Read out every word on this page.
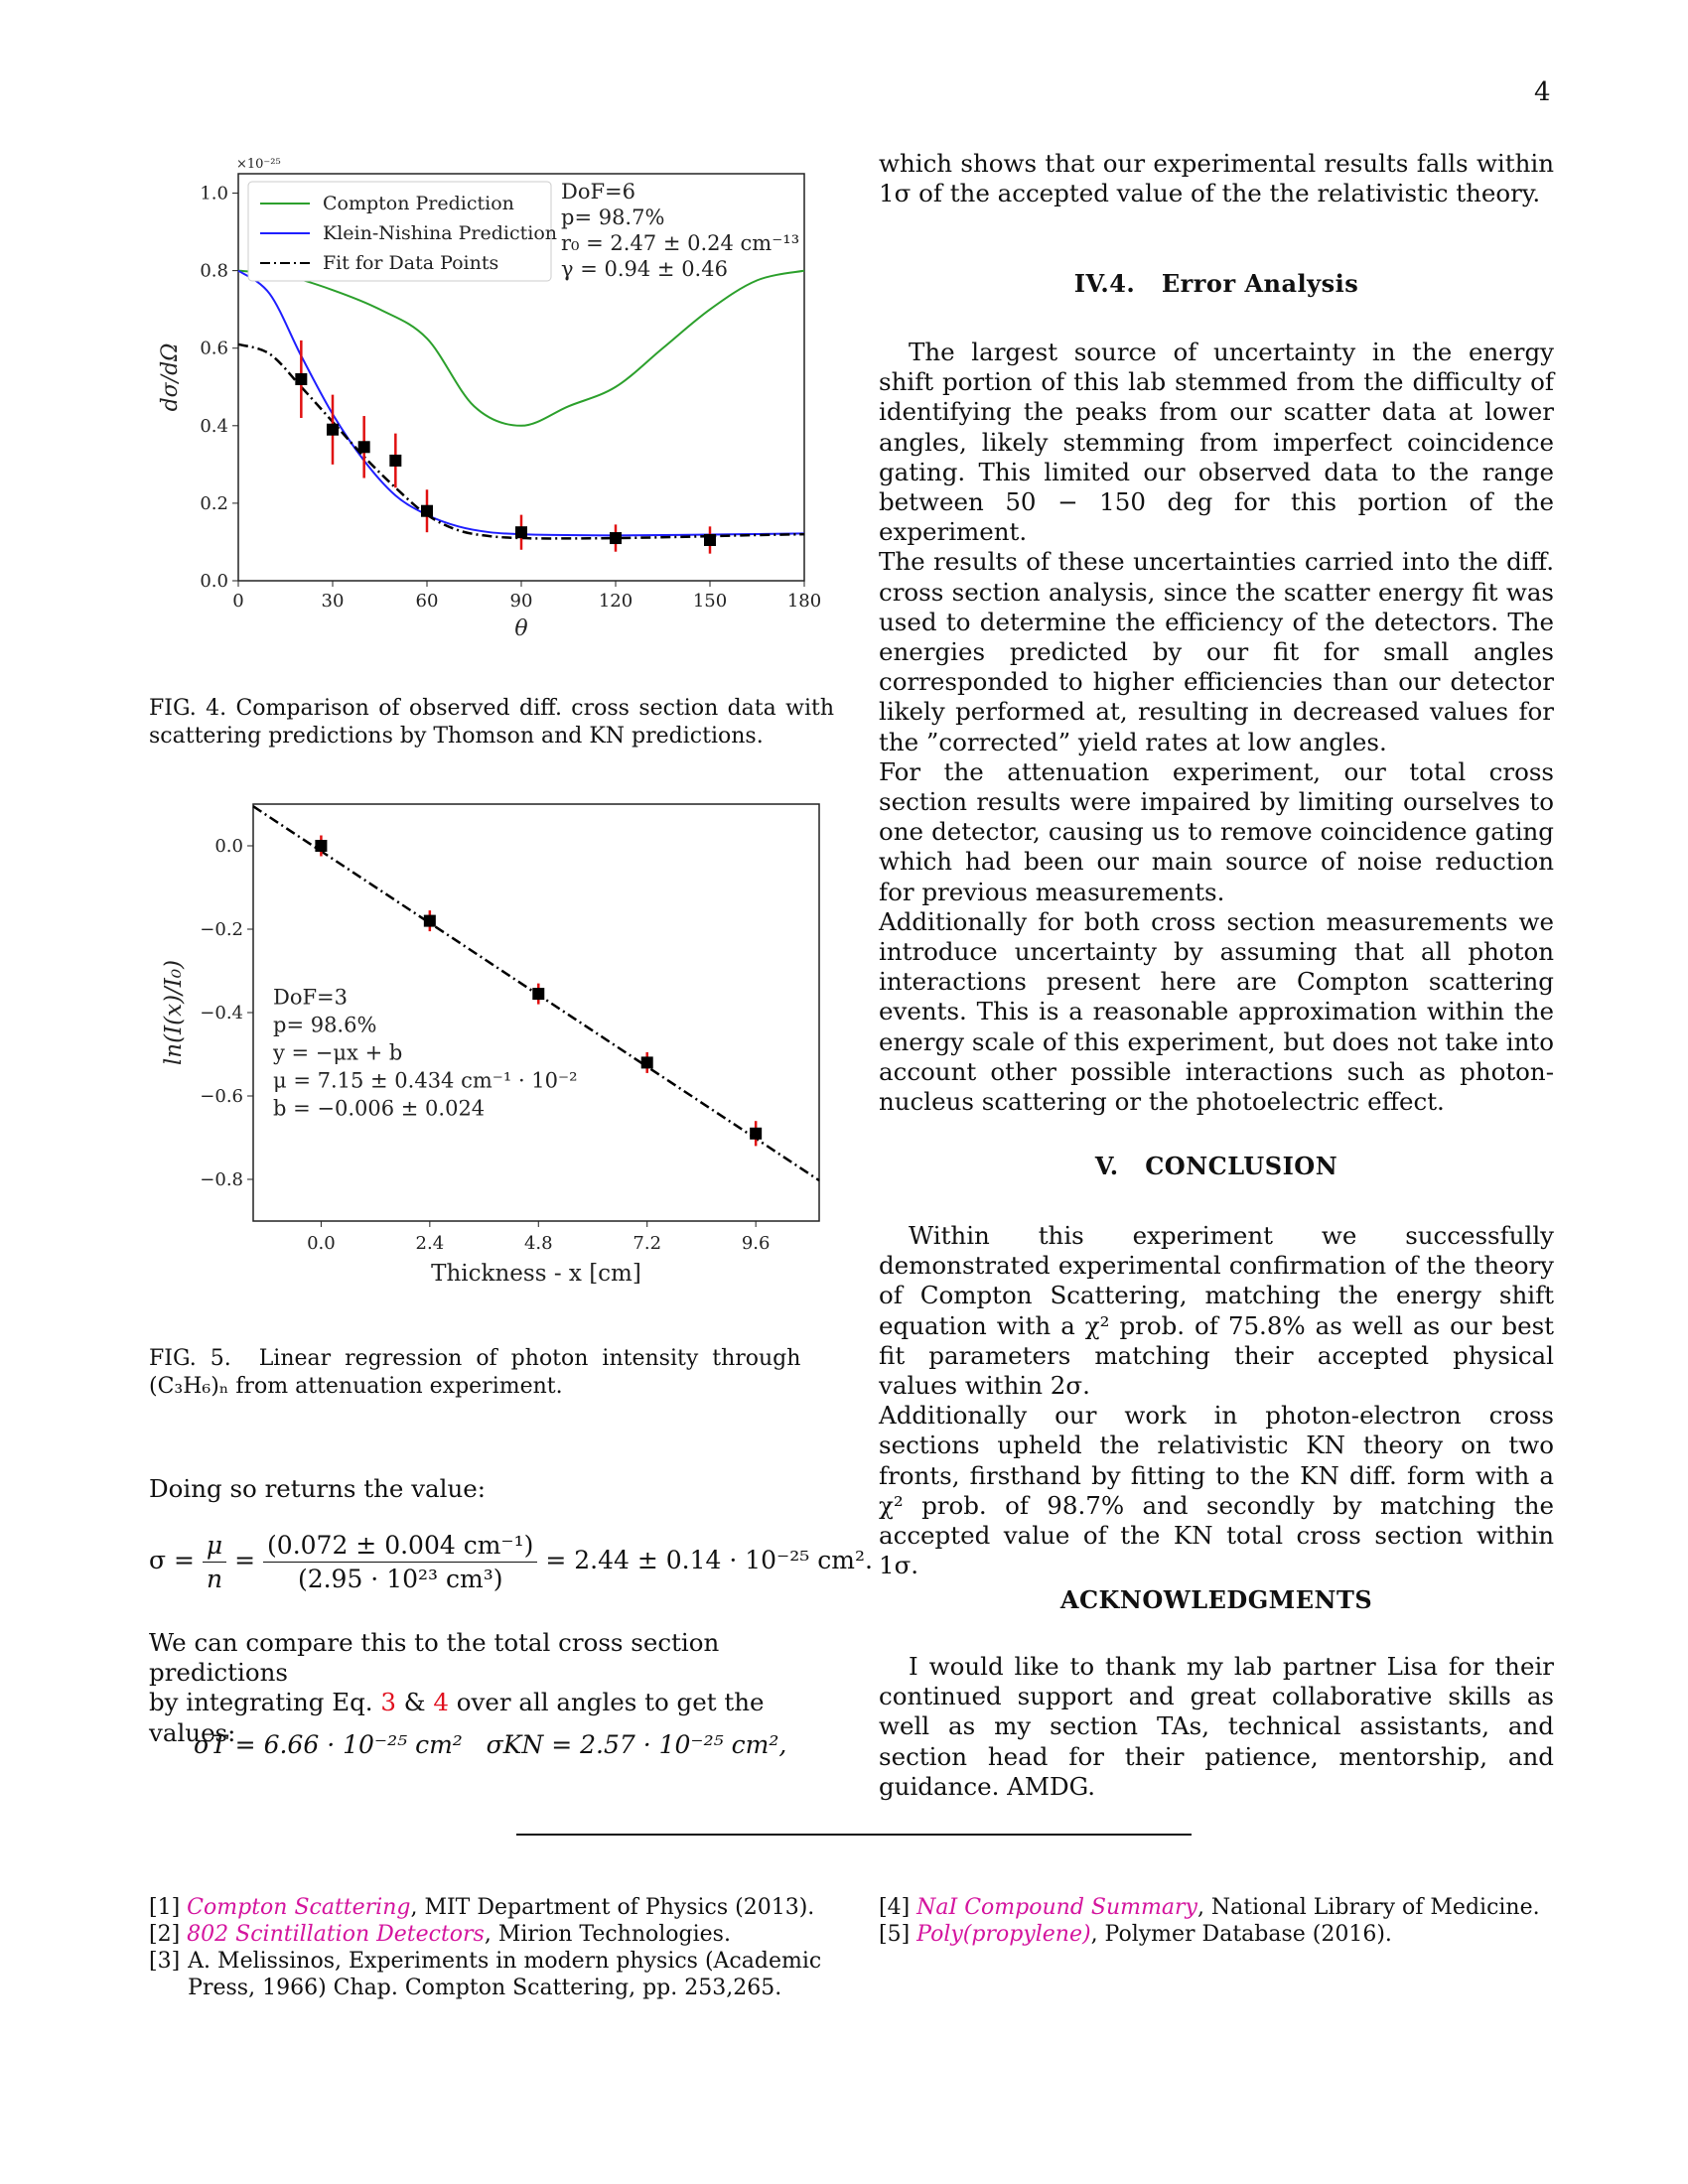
4
0	30	60	90	120	150	180
0.0
0.2
0.4
0.6
0.8
1.0
×10⁻²⁵
θ
dσ/dΩ
Compton Prediction
Klein-Nishina Prediction
Fit for Data Points
DoF=6
p= 98.7%
r₀ = 2.47 ± 0.24 cm⁻¹³
γ = 0.94 ± 0.46
FIG. 4. Comparison of observed diff. cross section data with scattering predictions by Thomson and KN predictions.
0.0	2.4	4.8	7.2	9.6
0.0
−0.2
−0.4
−0.6
−0.8
Thickness - x [cm]
ln(I(x)/I₀)	DoF=3
p= 98.6%
y = −μx + b
μ = 7.15 ± 0.434 cm⁻¹ · 10⁻²
b = −0.006 ± 0.024
FIG.  5.    Linear  regression  of  photon  intensity  through
(C₃H₆)ₙ from attenuation experiment.
Doing so returns the value:
$\sigma = \frac{\mu}{n} = \frac{\text{(0.072 ± 0.004 cm⁻¹)}}{\text{(2.95 · 10²³ cm³)}} = 2.44 \pm 0.14 \cdot 10^{-25}$ cm².
We can compare this to the total cross section predictions
by integrating Eq. 3 & 4 over all angles to get the values:
σT = 6.66 · 10⁻²⁵ cm²   σKN = 2.57 · 10⁻²⁵ cm²,
which shows that our experimental results falls within 1σ of the accepted value of the the relativistic theory.
IV.4.   Error Analysis

The largest source of uncertainty in the energy shift portion of this lab stemmed from the difficulty of identifying the peaks from our scatter data at lower angles, likely stemming from imperfect coincidence gating. This limited our observed data to the range between 50 − 150 deg for this portion of the experiment.

The results of these uncertainties carried into the diff. cross section analysis, since the scatter energy fit was used to determine the efficiency of the detectors. The energies predicted by our fit for small angles corresponded to higher efficiencies than our detector likely performed at, resulting in decreased values for the ”corrected” yield rates at low angles.

For the attenuation experiment, our total cross section results were impaired by limiting ourselves to one detector, causing us to remove coincidence gating which had been our main source of noise reduction for previous measurements.

Additionally for both cross section measurements we introduce uncertainty by assuming that all photon interactions present here are Compton scattering events. This is a reasonable approximation within the energy scale of this experiment, but does not take into account other possible interactions such as photon-nucleus scattering or the photoelectric effect.

V.   CONCLUSION

Within this experiment we successfully demonstrated experimental confirmation of the theory of Compton Scattering, matching the energy shift equation with a χ² prob. of 75.8% as well as our best fit parameters matching their accepted physical values within 2σ.

Additionally our work in photon-electron cross sections upheld the relativistic KN theory on two fronts, firsthand by fitting to the KN diff. form with a χ² prob. of 98.7% and secondly by matching the accepted value of the KN total cross section within 1σ.

ACKNOWLEDGMENTS

I would like to thank my lab partner Lisa for their continued support and great collaborative skills as well as my section TAs, technical assistants, and section head for their patience, mentorship, and guidance. AMDG.

[1] Compton Scattering, MIT Department of Physics (2013).
[2] 802 Scintillation Detectors, Mirion Technologies.
[3] A. Melissinos, Experiments in modern physics (Academic Press, 1966) Chap. Compton Scattering, pp. 253,265.
[4] NaI Compound Summary, National Library of Medicine.
[5] Poly(propylene), Polymer Database (2016).
